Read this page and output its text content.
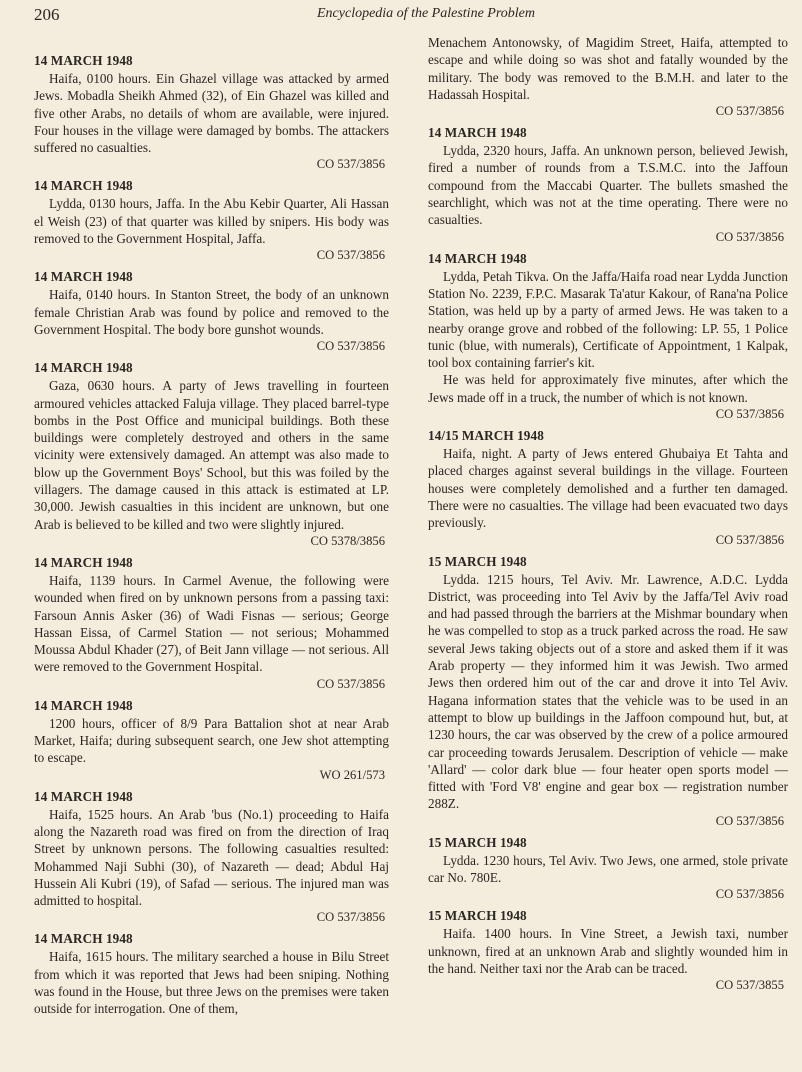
206	Encyclopedia of the Palestine Problem
14 MARCH 1948

Haifa, 0100 hours. Ein Ghazel village was attacked by armed Jews. Mobadla Sheikh Ahmed (32), of Ein Ghazel was killed and five other Arabs, no details of whom are available, were injured. Four houses in the village were damaged by bombs. The attackers suffered no casualties.

CO 537/3856
14 MARCH 1948

Lydda, 0130 hours, Jaffa. In the Abu Kebir Quarter, Ali Hassan el Weish (23) of that quarter was killed by snipers. His body was removed to the Government Hospital, Jaffa.

CO 537/3856
14 MARCH 1948

Haifa, 0140 hours. In Stanton Street, the body of an unknown female Christian Arab was found by police and removed to the Government Hospital. The body bore gunshot wounds.

CO 537/3856
14 MARCH 1948

Gaza, 0630 hours. A party of Jews travelling in fourteen armoured vehicles attacked Faluja village. They placed barrel-type bombs in the Post Office and municipal buildings. Both these buildings were completely destroyed and others in the same vicinity were extensively damaged. An attempt was also made to blow up the Government Boys' School, but this was foiled by the villagers. The damage caused in this attack is estimated at LP. 30,000. Jewish casualties in this incident are unknown, but one Arab is believed to be killed and two were slightly injured.

CO 5378/3856
14 MARCH 1948

Haifa, 1139 hours. In Carmel Avenue, the following were wounded when fired on by unknown persons from a passing taxi: Farsoun Annis Asker (36) of Wadi Fisnas — serious; George Hassan Eissa, of Carmel Station — not serious; Mohammed Moussa Abdul Khader (27), of Beit Jann village — not serious. All were removed to the Government Hospital.

CO 537/3856
14 MARCH 1948

1200 hours, officer of 8/9 Para Battalion shot at near Arab Market, Haifa; during subsequent search, one Jew shot attempting to escape.

WO 261/573
14 MARCH 1948

Haifa, 1525 hours. An Arab 'bus (No.1) proceeding to Haifa along the Nazareth road was fired on from the direction of Iraq Street by unknown persons. The following casualties resulted: Mohammed Naji Subhi (30), of Nazareth — dead; Abdul Haj Hussein Ali Kubri (19), of Safad — serious. The injured man was admitted to hospital.

CO 537/3856
14 MARCH 1948

Haifa, 1615 hours. The military searched a house in Bilu Street from which it was reported that Jews had been sniping. Nothing was found in the House, but three Jews on the premises were taken outside for interrogation. One of them,

Menachem Antonowsky, of Magidim Street, Haifa, attempted to escape and while doing so was shot and fatally wounded by the military. The body was removed to the B.M.H. and later to the Hadassah Hospital.

CO 537/3856
14 MARCH 1948

Lydda, 2320 hours, Jaffa. An unknown person, believed Jewish, fired a number of rounds from a T.S.M.C. into the Jaffoun compound from the Maccabi Quarter. The bullets smashed the searchlight, which was not at the time operating. There were no casualties.

CO 537/3856
14 MARCH 1948

Lydda, Petah Tikva. On the Jaffa/Haifa road near Lydda Junction Station No. 2239, F.P.C. Masarak Ta'atur Kakour, of Rana'na Police Station, was held up by a party of armed Jews. He was taken to a nearby orange grove and robbed of the following: LP. 55, 1 Police tunic (blue, with numerals), Certificate of Appointment, 1 Kalpak, tool box containing farrier's kit.

He was held for approximately five minutes, after which the Jews made off in a truck, the number of which is not known.

CO 537/3856
14/15 MARCH 1948

Haifa, night. A party of Jews entered Ghubaiya Et Tahta and placed charges against several buildings in the village. Fourteen houses were completely demolished and a further ten damaged. There were no casualties. The village had been evacuated two days previously.

CO 537/3856
15 MARCH 1948

Lydda. 1215 hours, Tel Aviv. Mr. Lawrence, A.D.C. Lydda District, was proceeding into Tel Aviv by the Jaffa/Tel Aviv road and had passed through the barriers at the Mishmar boundary when he was compelled to stop as a truck parked across the road. He saw several Jews taking objects out of a store and asked them if it was Arab property — they informed him it was Jewish. Two armed Jews then ordered him out of the car and drove it into Tel Aviv. Hagana information states that the vehicle was to be used in an attempt to blow up buildings in the Jaffoon compound hut, but, at 1230 hours, the car was observed by the crew of a police armoured car proceeding towards Jerusalem. Description of vehicle — make 'Allard' — color dark blue — four heater open sports model — fitted with 'Ford V8' engine and gear box — registration number 288Z.

CO 537/3856
15 MARCH 1948

Lydda. 1230 hours, Tel Aviv. Two Jews, one armed, stole private car No. 780E.

CO 537/3856
15 MARCH 1948

Haifa. 1400 hours. In Vine Street, a Jewish taxi, number unknown, fired at an unknown Arab and slightly wounded him in the hand. Neither taxi nor the Arab can be traced.

CO 537/3855
